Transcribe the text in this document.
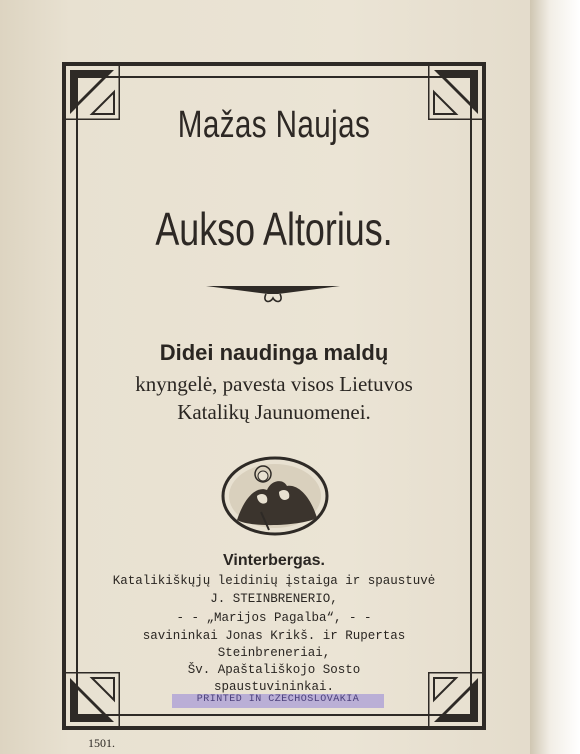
Mažas Naujas
Aukso Altorius.
Didei naudinga maldų
knyngelė, pavesta visos Lietuvos
Katalikų Jaunuomenei.
Vinterbergas.
Katalikiškųjų leidinių įstaiga ir spaustuvė
J. STEINBRENERIO,
- - „Marijos Pagalba“, - -
savininkai Jonas Krikš. ir Rupertas
Steinbreneriai,
Šv. Apaštališkojo Sosto
spaustuvininkai.
PRINTED IN CZECHOSLOVAKIA
1501.
